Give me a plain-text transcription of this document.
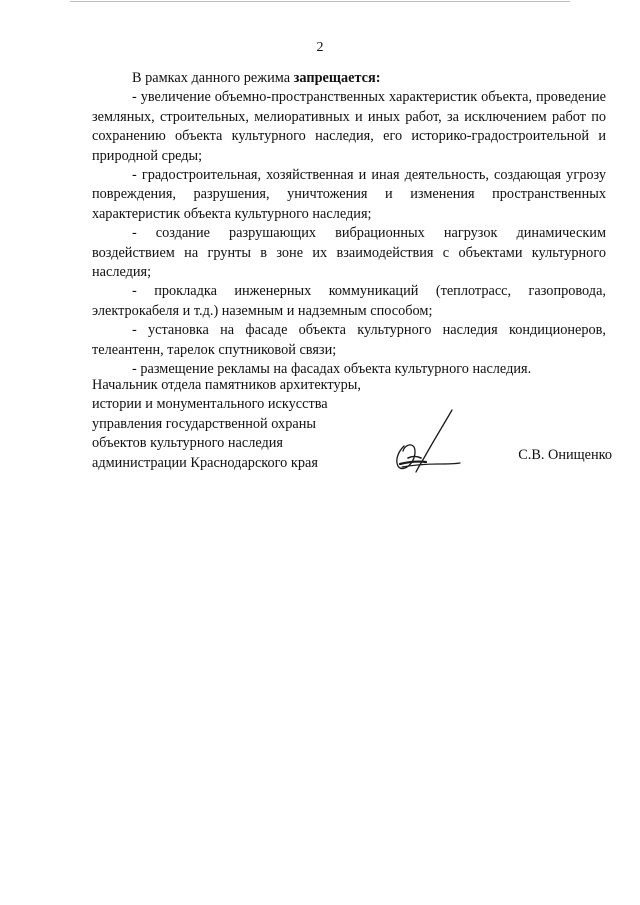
2

В рамках данного режима запрещается:

- увеличение объемно-пространственных характеристик объекта, проведение земляных, строительных, мелиоративных и иных работ, за исключением работ по сохранению объекта культурного наследия, его историко-градостроительной и природной среды;

- градостроительная, хозяйственная и иная деятельность, создающая угрозу повреждения, разрушения, уничтожения и изменения пространственных характеристик объекта культурного наследия;

- создание разрушающих вибрационных нагрузок динамическим воздействием на грунты в зоне их взаимодействия с объектами культурного наследия;

- прокладка инженерных коммуникаций (теплотрасс, газопровода, электрокабеля и т.д.) наземным и надземным способом;

- установка на фасаде объекта культурного наследия кондиционеров, телеантенн, тарелок спутниковой связи;

- размещение рекламы на фасадах объекта культурного наследия.

Начальник отдела памятников архитектуры,
истории и монументального искусства
управления государственной охраны
объектов культурного наследия
администрации Краснодарского края	С.В. Онищенко
